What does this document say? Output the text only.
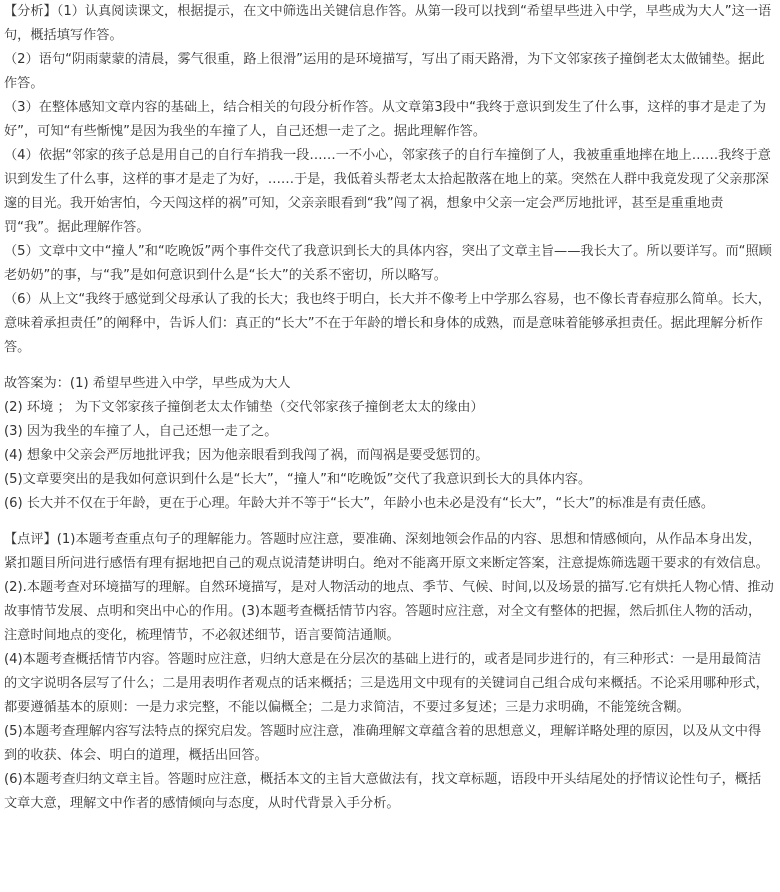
【分析】（1）认真阅读课文，根据提示，在文中筛选出关键信息作答。从第一段可以找到“希望早些进入中学，早些成为大人”这一语句，概括填写作答。

（2）语句“阴雨蒙蒙的清晨，雾气很重，路上很滑”运用的是环境描写，写出了雨天路滑，为下文邻家孩子撞倒老太太做铺垫。据此作答。

（3）在整体感知文章内容的基础上，结合相关的句段分析作答。从文章第3段中“我终于意识到发生了什么事，这样的事才是走了为好”，可知“有些惭愧”是因为我坐的车撞了人，自己还想一走了之。据此理解作答。

（4）依据“邻家的孩子总是用自己的自行车捎我一段……一不小心，邻家孩子的自行车撞倒了人，我被重重地摔在地上……我终于意识到发生了什么事，这样的事才是走了为好，……于是，我低着头帮老太太拾起散落在地上的菜。突然在人群中我竟发现了父亲那深邃的目光。我开始害怕，今天闯这样的祸”可知，父亲亲眼看到“我”闯了祸，想象中父亲一定会严厉地批评，甚至是重重地责罚“我”。据此理解作答。

（5）文章中文中“撞人”和“吃晚饭”两个事件交代了我意识到长大的具体内容，突出了文章主旨——我长大了。所以要详写。而“照顾老奶奶”的事，与“我”是如何意识到什么是“长大”的关系不密切，所以略写。

（6）从上文“我终于感觉到父母承认了我的长大；我也终于明白，长大并不像考上中学那么容易，也不像长青春痘那么简单。长大，意味着承担责任”的阐释中，告诉人们：真正的“长大”不在于年龄的增长和身体的成熟，而是意味着能够承担责任。据此理解分析作答。

故答案为：(1) 希望早些进入中学，早些成为大人

(2) 环境 ； 为下文邻家孩子撞倒老太太作铺垫（交代邻家孩子撞倒老太太的缘由）

(3) 因为我坐的车撞了人，自己还想一走了之。

(4) 想象中父亲会严厉地批评我；因为他亲眼看到我闯了祸，而闯祸是要受惩罚的。

(5)文章要突出的是我如何意识到什么是“长大”，“撞人”和“吃晚饭”交代了我意识到长大的具体内容。

(6) 长大并不仅在于年龄，更在于心理。年龄大并不等于“长大”，年龄小也未必是没有“长大”，“长大”的标准是有责任感。

【点评】(1)本题考查重点句子的理解能力。答题时应注意，要准确、深刻地领会作品的内容、思想和情感倾向，从作品本身出发，紧扣题目所问进行感悟有理有据地把自己的观点说清楚讲明白。绝对不能离开原文来断定答案，注意提炼筛选题干要求的有效信息。

(2).本题考查对环境描写的理解。自然环境描写，是对人物活动的地点、季节、气候、时间,以及场景的描写.它有烘托人物心情、推动故事情节发展、点明和突出中心的作用。(3)本题考查概括情节内容。答题时应注意，对全文有整体的把握，然后抓住人物的活动，注意时间地点的变化，梳理情节，不必叙述细节，语言要简洁通顺。

(4)本题考查概括情节内容。答题时应注意，归纳大意是在分层次的基础上进行的，或者是同步进行的，有三种形式：一是用最简洁的文字说明各层写了什么；二是用表明作者观点的话来概括；三是选用文中现有的关键词自己组合成句来概括。不论采用哪种形式，都要遵循基本的原则：一是力求完整，不能以偏概全；二是力求简洁，不要过多复述；三是力求明确，不能笼统含糊。

(5)本题考查理解内容写法特点的探究启发。答题时应注意，准确理解文章蕴含着的思想意义，理解详略处理的原因，以及从文中得到的收获、体会、明白的道理，概括出回答。

(6)本题考查归纳文章主旨。答题时应注意，概括本文的主旨大意做法有，找文章标题，语段中开头结尾处的抒情议论性句子，概括文章大意，理解文中作者的感情倾向与态度，从时代背景入手分析。
